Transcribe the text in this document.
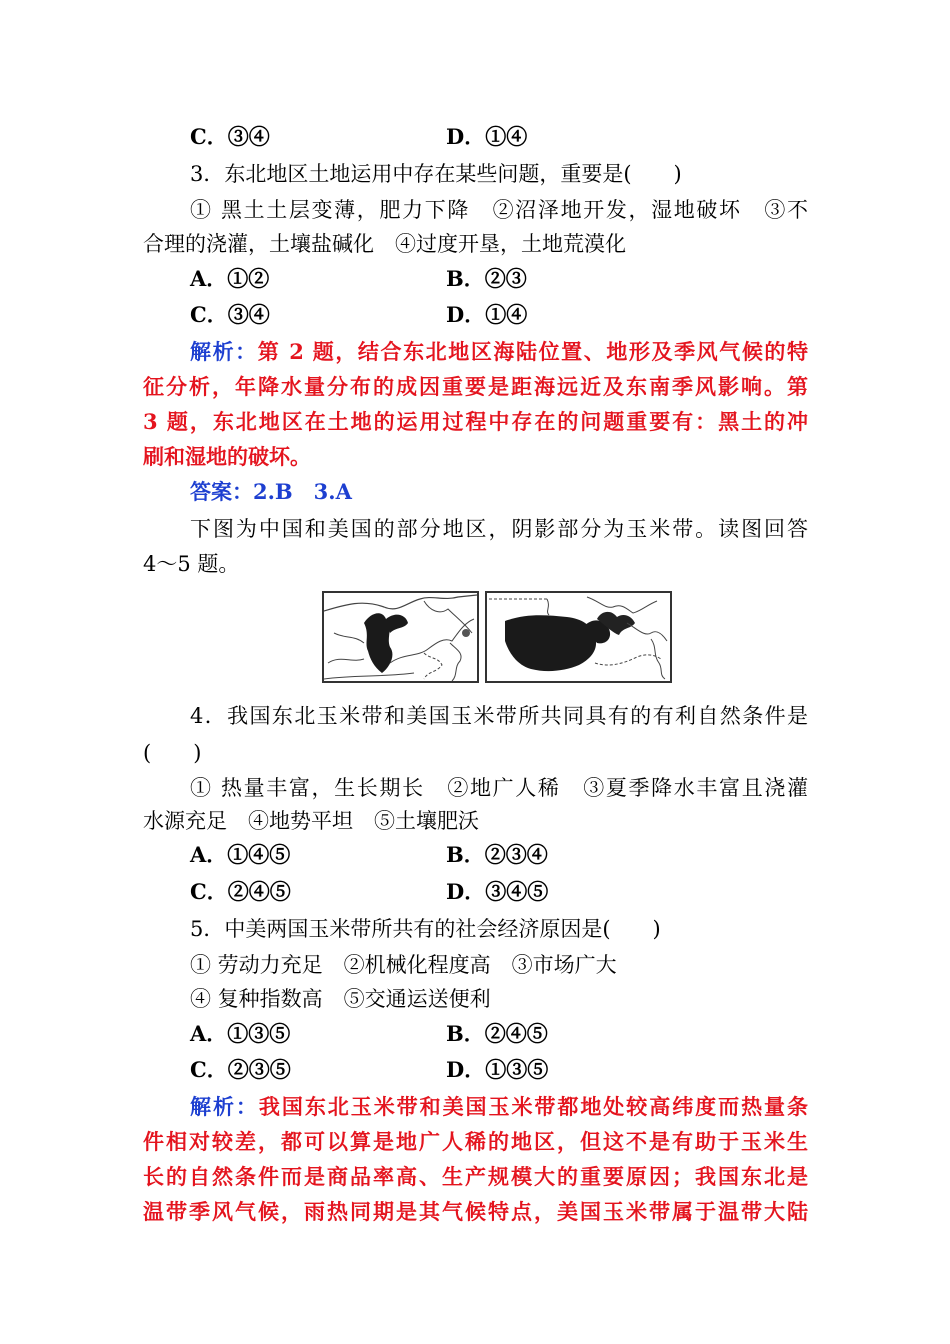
C．③④	D．①④
3．东北地区土地运用中存在某些问题，重要是(　　)
① 黑土土层变薄，肥力下降　②沼泽地开发，湿地破坏　③不
合理的浇灌，土壤盐碱化　④过度开垦，土地荒漠化
A．①②	B．②③
C．③④	D．①④
解析：第 2 题，结合东北地区海陆位置、地形及季风气候的特
征分析，年降水量分布的成因重要是距海远近及东南季风影响。第
3 题，东北地区在土地的运用过程中存在的问题重要有：黑土的冲
刷和湿地的破坏。
答案：2.B　3.A
下图为中国和美国的部分地区，阴影部分为玉米带。读图回答
4～5 题。
4．我国东北玉米带和美国玉米带所共同具有的有利自然条件是
(　　)
① 热量丰富，生长期长　②地广人稀　③夏季降水丰富且浇灌
水源充足　④地势平坦　⑤土壤肥沃
A．①④⑤	B．②③④
C．②④⑤	D．③④⑤
5．中美两国玉米带所共有的社会经济原因是(　　)
① 劳动力充足　②机械化程度高　③市场广大
④ 复种指数高　⑤交通运送便利
A．①③⑤	B．②④⑤
C．②③⑤	D．①③⑤
解析：我国东北玉米带和美国玉米带都地处较高纬度而热量条
件相对较差，都可以算是地广人稀的地区，但这不是有助于玉米生
长的自然条件而是商品率高、生产规模大的重要原因；我国东北是
温带季风气候，雨热同期是其气候特点，美国玉米带属于温带大陆
